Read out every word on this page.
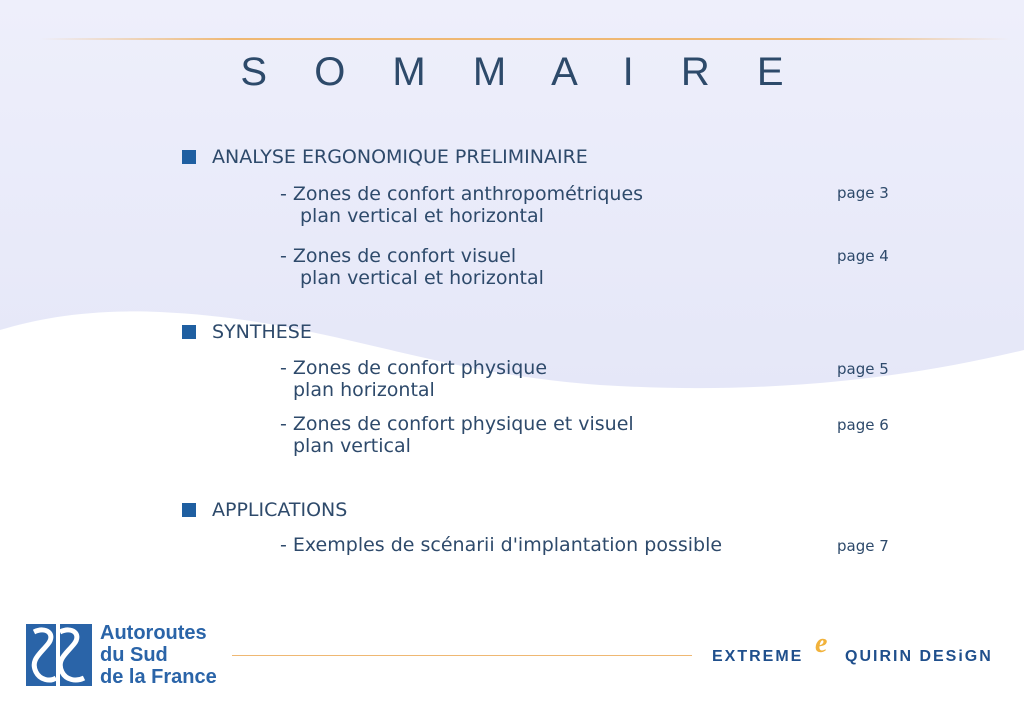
S O M M A I R E
ANALYSE ERGONOMIQUE PRELIMINAIRE
- Zones de confort anthropométriques
plan vertical et horizontal
page 3
- Zones de confort visuel
plan vertical et horizontal
page 4
SYNTHESE
- Zones de confort physique
plan horizontal
page 5
- Zones de confort physique et visuel
plan vertical
page 6
APPLICATIONS
- Exemples de scénarii d'implantation possible	page 7
Autoroutes
du Sud
de la France
EXTREME e QUIRIN DESiGN
